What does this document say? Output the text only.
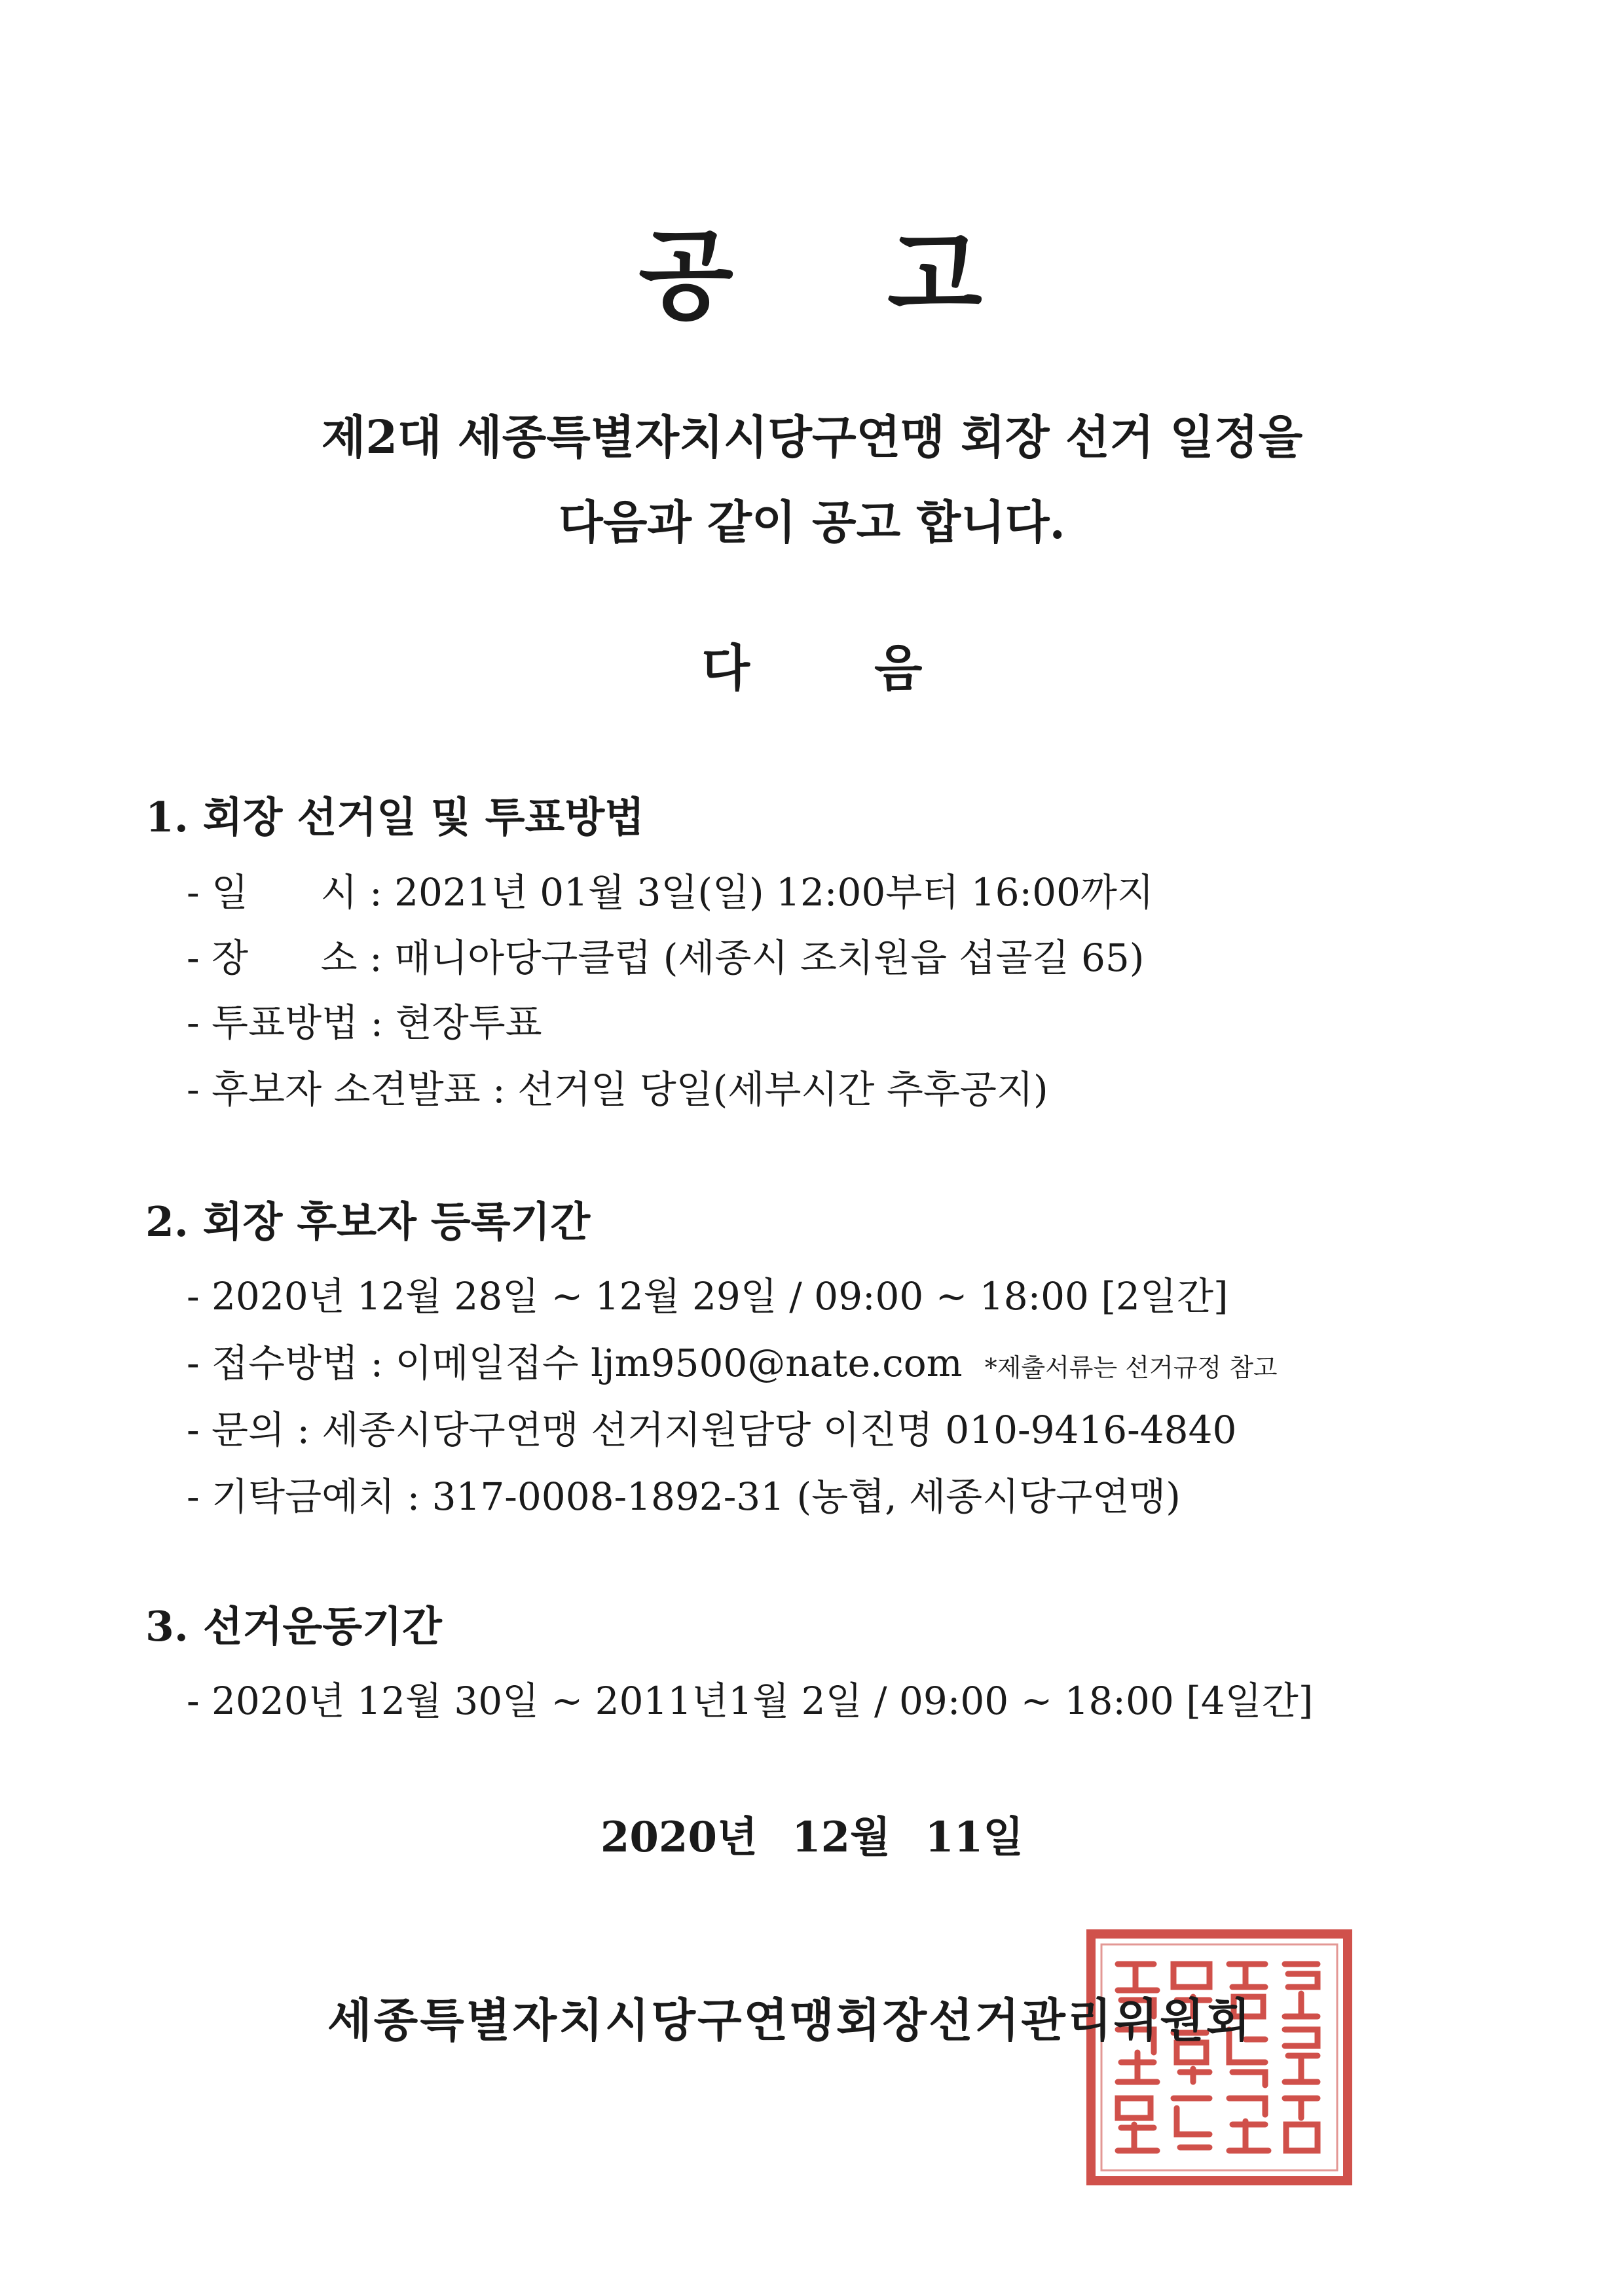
공 고
제2대 세종특별자치시당구연맹 회장 선거 일정을
다음과 같이 공고 합니다.
다	음
1. 회장 선거일 및 투표방법
- 일      시 : 2021년 01월 3일(일) 12:00부터 16:00까지
- 장      소 : 매니아당구클럽 (세종시 조치원읍 섭골길 65)
- 투표방법 : 현장투표
- 후보자 소견발표 : 선거일 당일(세부시간 추후공지)
2. 회장 후보자 등록기간
- 2020년 12월 28일 ~ 12월 29일 / 09:00 ~ 18:00 [2일간]
- 접수방법 : 이메일접수 ljm9500@nate.com *제출서류는 선거규정 참고
- 문의 : 세종시당구연맹 선거지원담당 이진명 010-9416-4840
- 기탁금예치 : 317-0008-1892-31 (농협, 세종시당구연맹)
3. 선거운동기간
- 2020년 12월 30일 ~ 2011년1월 2일 / 09:00 ~ 18:00 [4일간]
2020년 12월 11일
세종특별자치시당구연맹회장선거관리위원회
